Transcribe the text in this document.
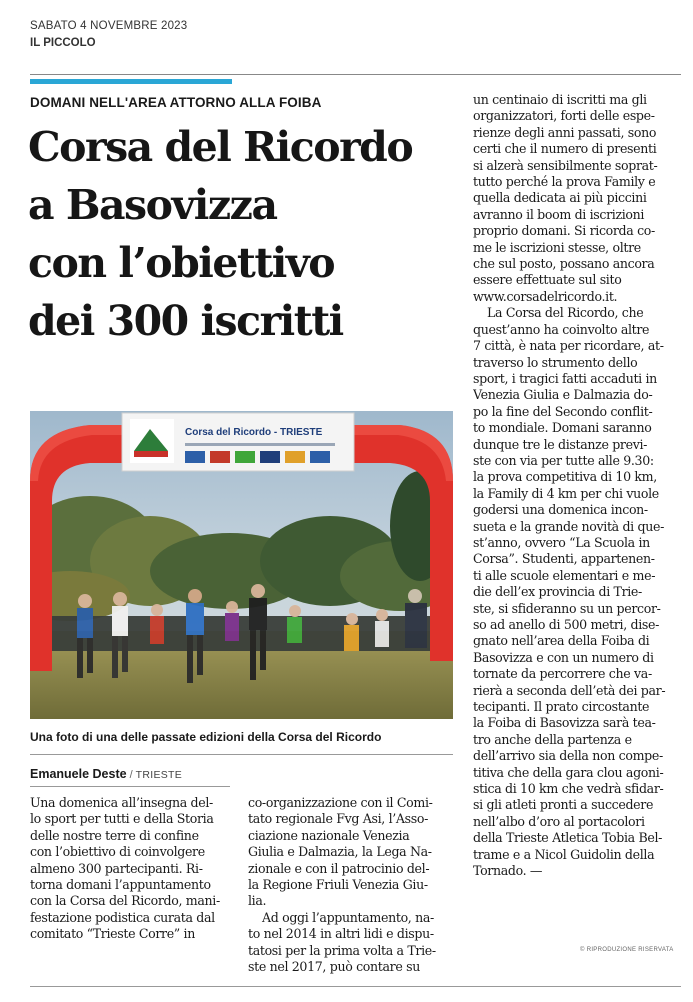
SABATO 4 NOVEMBRE 2023
IL PICCOLO
DOMANI NELL'AREA ATTORNO ALLA FOIBA
Corsa del Ricordo
a Basovizza
con l’obiettivo
dei 300 iscritti
Corsa del Ricordo - TRIESTE
Una foto di una delle passate edizioni della Corsa del Ricordo
Emanuele Deste / TRIESTE
Una domenica all’insegna del-
lo sport per tutti e della Storia
delle nostre terre di confine
con l’obiettivo di coinvolgere
almeno 300 partecipanti. Ri-
torna domani l’appuntamento
con la Corsa del Ricordo, mani-
festazione podistica curata dal
comitato “Trieste Corre” in
co-organizzazione con il Comi-
tato regionale Fvg Asi, l’Asso-
ciazione nazionale Venezia
Giulia e Dalmazia, la Lega Na-
zionale e con il patrocinio del-
la Regione Friuli Venezia Giu-
lia.
Ad oggi l’appuntamento, na-
to nel 2014 in altri lidi e dispu-
tatosi per la prima volta a Trie-
ste nel 2017, può contare su
un centinaio di iscritti ma gli
organizzatori, forti delle espe-
rienze degli anni passati, sono
certi che il numero di presenti
si alzerà sensibilmente soprat-
tutto perché la prova Family e
quella dedicata ai più piccini
avranno il boom di iscrizioni
proprio domani. Si ricorda co-
me le iscrizioni stesse, oltre
che sul posto, possano ancora
essere effettuate sul sito
www.corsadelricordo.it.
La Corsa del Ricordo, che
quest’anno ha coinvolto altre
7 città, è nata per ricordare, at-
traverso lo strumento dello
sport, i tragici fatti accaduti in
Venezia Giulia e Dalmazia do-
po la fine del Secondo conflit-
to mondiale. Domani saranno
dunque tre le distanze previ-
ste con via per tutte alle 9.30:
la prova competitiva di 10 km,
la Family di 4 km per chi vuole
godersi una domenica incon-
sueta e la grande novità di que-
st’anno, ovvero “La Scuola in
Corsa”. Studenti, appartenen-
ti alle scuole elementari e me-
die dell’ex provincia di Trie-
ste, si sfideranno su un percor-
so ad anello di 500 metri, dise-
gnato nell’area della Foiba di
Basovizza e con un numero di
tornate da percorrere che va-
rierà a seconda dell’età dei par-
tecipanti. Il prato circostante
la Foiba di Basovizza sarà tea-
tro anche della partenza e
dell’arrivo sia della non compe-
titiva che della gara clou agoni-
stica di 10 km che vedrà sfidar-
si gli atleti pronti a succedere
nell’albo d’oro al portacolori
della Trieste Atletica Tobia Bel-
trame e a Nicol Guidolin della
Tornado. —
© RIPRODUZIONE RISERVATA
